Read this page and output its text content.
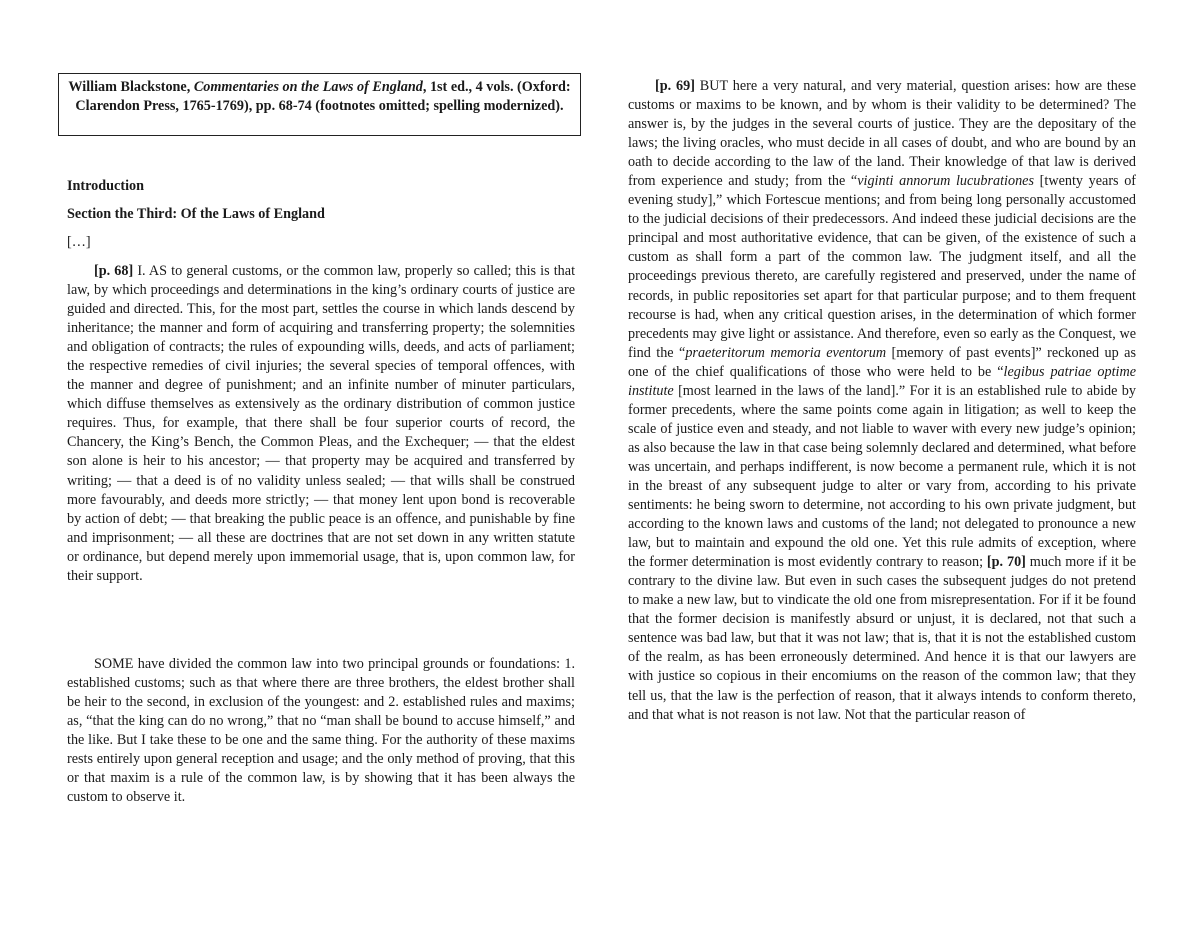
William Blackstone, Commentaries on the Laws of England, 1st ed., 4 vols. (Oxford: Clarendon Press, 1765-1769), pp. 68-74 (footnotes omitted; spelling modernized).
Introduction
Section the Third: Of the Laws of England
[…]

[p. 68] I. AS to general customs, or the common law, properly so called; this is that law, by which proceedings and determinations in the king’s ordinary courts of justice are guided and directed. This, for the most part, settles the course in which lands descend by inheritance; the manner and form of acquiring and transferring property; the solemnities and obligation of contracts; the rules of expounding wills, deeds, and acts of parliament; the respective remedies of civil injuries; the several species of temporal offences, with the manner and degree of punishment; and an infinite number of minuter particulars, which diffuse themselves as extensively as the ordinary distribution of common justice requires. Thus, for example, that there shall be four superior courts of record, the Chancery, the King’s Bench, the Common Pleas, and the Exchequer; — that the eldest son alone is heir to his ancestor; — that property may be acquired and transferred by writing; — that a deed is of no validity unless sealed; — that wills shall be construed more favourably, and deeds more strictly; — that money lent upon bond is recoverable by action of debt; — that breaking the public peace is an offence, and punishable by fine and imprisonment; — all these are doctrines that are not set down in any written statute or ordinance, but depend merely upon immemorial usage, that is, upon common law, for their support.

SOME have divided the common law into two principal grounds or foundations: 1. established customs; such as that where there are three brothers, the eldest brother shall be heir to the second, in exclusion of the youngest: and 2. established rules and maxims; as, “that the king can do no wrong,” that no “man shall be bound to accuse himself,” and the like. But I take these to be one and the same thing. For the authority of these maxims rests entirely upon general reception and usage; and the only method of proving, that this or that maxim is a rule of the common law, is by showing that it has been always the custom to observe it.

[p. 69] BUT here a very natural, and very material, question arises: how are these customs or maxims to be known, and by whom is their validity to be determined? The answer is, by the judges in the several courts of justice. They are the depositary of the laws; the living oracles, who must decide in all cases of doubt, and who are bound by an oath to decide according to the law of the land. Their knowledge of that law is derived from experience and study; from the “viginti annorum lucubrationes [twenty years of evening study],” which Fortescue mentions; and from being long personally accustomed to the judicial decisions of their predecessors. And indeed these judicial decisions are the principal and most authoritative evidence, that can be given, of the existence of such a custom as shall form a part of the common law. The judgment itself, and all the proceedings previous thereto, are carefully registered and preserved, under the name of records, in public repositories set apart for that particular purpose; and to them frequent recourse is had, when any critical question arises, in the determination of which former precedents may give light or assistance. And therefore, even so early as the Conquest, we find the “praeteritorum memoria eventorum [memory of past events]” reckoned up as one of the chief qualifications of those who were held to be “legibus patriae optime institute [most learned in the laws of the land].” For it is an established rule to abide by former precedents, where the same points come again in litigation; as well to keep the scale of justice even and steady, and not liable to waver with every new judge’s opinion; as also because the law in that case being solemnly declared and determined, what before was uncertain, and perhaps indifferent, is now become a permanent rule, which it is not in the breast of any subsequent judge to alter or vary from, according to his private sentiments: he being sworn to determine, not according to his own private judgment, but according to the known laws and customs of the land; not delegated to pronounce a new law, but to maintain and expound the old one. Yet this rule admits of exception, where the former determination is most evidently contrary to reason; [p. 70] much more if it be contrary to the divine law. But even in such cases the subsequent judges do not pretend to make a new law, but to vindicate the old one from misrepresentation. For if it be found that the former decision is manifestly absurd or unjust, it is declared, not that such a sentence was bad law, but that it was not law; that is, that it is not the established custom of the realm, as has been erroneously determined. And hence it is that our lawyers are with justice so copious in their encomiums on the reason of the common law; that they tell us, that the law is the perfection of reason, that it always intends to conform thereto, and that what is not reason is not law. Not that the particular reason of
